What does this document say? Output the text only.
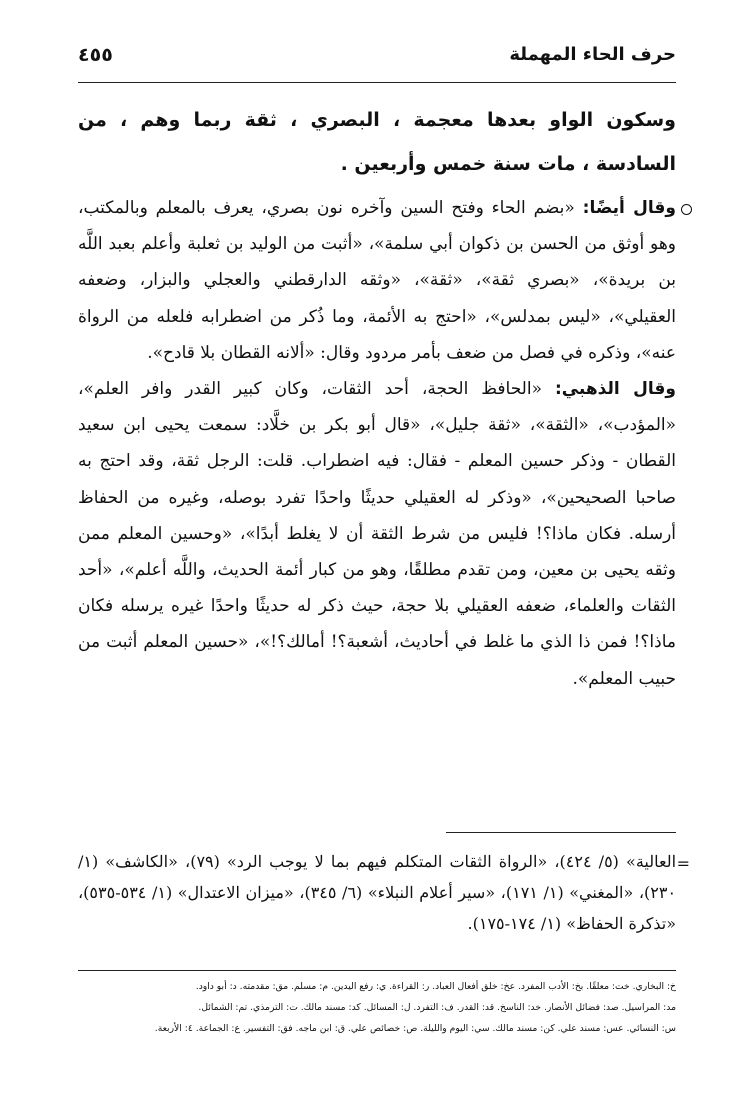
حرف الحاء المهملة
٤٥٥
وسكون الواو بعدها معجمة ، البصري ، ثقة ربما وهم ، من السادسة ، مات سنة خمس وأربعين .

وقال أيضًا: «بضم الحاء وفتح السين وآخره نون بصري، يعرف بالمعلم وبالمكتب، وهو أوثق من الحسن بن ذكوان أبي سلمة»، «أثبت من الوليد بن ثعلبة وأعلم بعبد اللَّه بن بريدة»، «بصري ثقة»، «ثقة»، «وثقه الدارقطني والعجلي والبزار، وضعفه العقيلي»، «ليس بمدلس»، «احتج به الأئمة، وما ذُكر من اضطرابه فلعله من الرواة عنه»، وذكره في فصل من ضعف بأمر مردود وقال: «ألانه القطان بلا قادح».

وقال الذهبي: «الحافظ الحجة، أحد الثقات، وكان كبير القدر وافر العلم»، «المؤدب»، «الثقة»، «ثقة جليل»، «قال أبو بكر بن خلَّاد: سمعت يحيى ابن سعيد القطان - وذكر حسين المعلم - فقال: فيه اضطراب. قلت: الرجل ثقة، وقد احتج به صاحبا الصحيحين»، «وذكر له العقيلي حديثًا واحدًا تفرد بوصله، وغيره من الحفاظ أرسله. فكان ماذا؟! فليس من شرط الثقة أن لا يغلط أبدًا»، «وحسين المعلم ممن وثقه يحيى بن معين، ومن تقدم مطلقًا، وهو من كبار أئمة الحديث، واللَّه أعلم»، «أحد الثقات والعلماء، ضعفه العقيلي بلا حجة، حيث ذكر له حديثًا واحدًا غيره يرسله فكان ماذا؟! فمن ذا الذي ما غلط في أحاديث، أشعبة؟! أمالك؟!»، «حسين المعلم أثبت من حبيب المعلم».

=
العالية» (٥/ ٤٢٤)، «الرواة الثقات المتكلم فيهم بما لا يوجب الرد» (٧٩)، «الكاشف» (١/ ٢٣٠)، «المغني» (١/ ١٧١)، «سير أعلام النبلاء» (٦/ ٣٤٥)، «ميزان الاعتدال» (١/ ٥٣٤-٥٣٥)، «تذكرة الحفاظ» (١/ ١٧٤-١٧٥).

خ: البخاري. خت: معلقًا. بخ: الأدب المفرد. عخ: خلق أفعال العباد. ر: القراءة. ي: رفع اليدين. م: مسلم. مق: مقدمته. د: أبو داود.
مد: المراسيل. صد: فضائل الأنصار. خد: الناسخ. قد: القدر. ف: التفرد. ل: المسائل. كد: مسند مالك. ت: الترمذي. تم: الشمائل.
س: النسائي. عس: مسند علي. كن: مسند مالك. سي: اليوم والليلة. ص: خصائص علي. ق: ابن ماجه. فق: التفسير. ع: الجماعة. ٤: الأربعة.
